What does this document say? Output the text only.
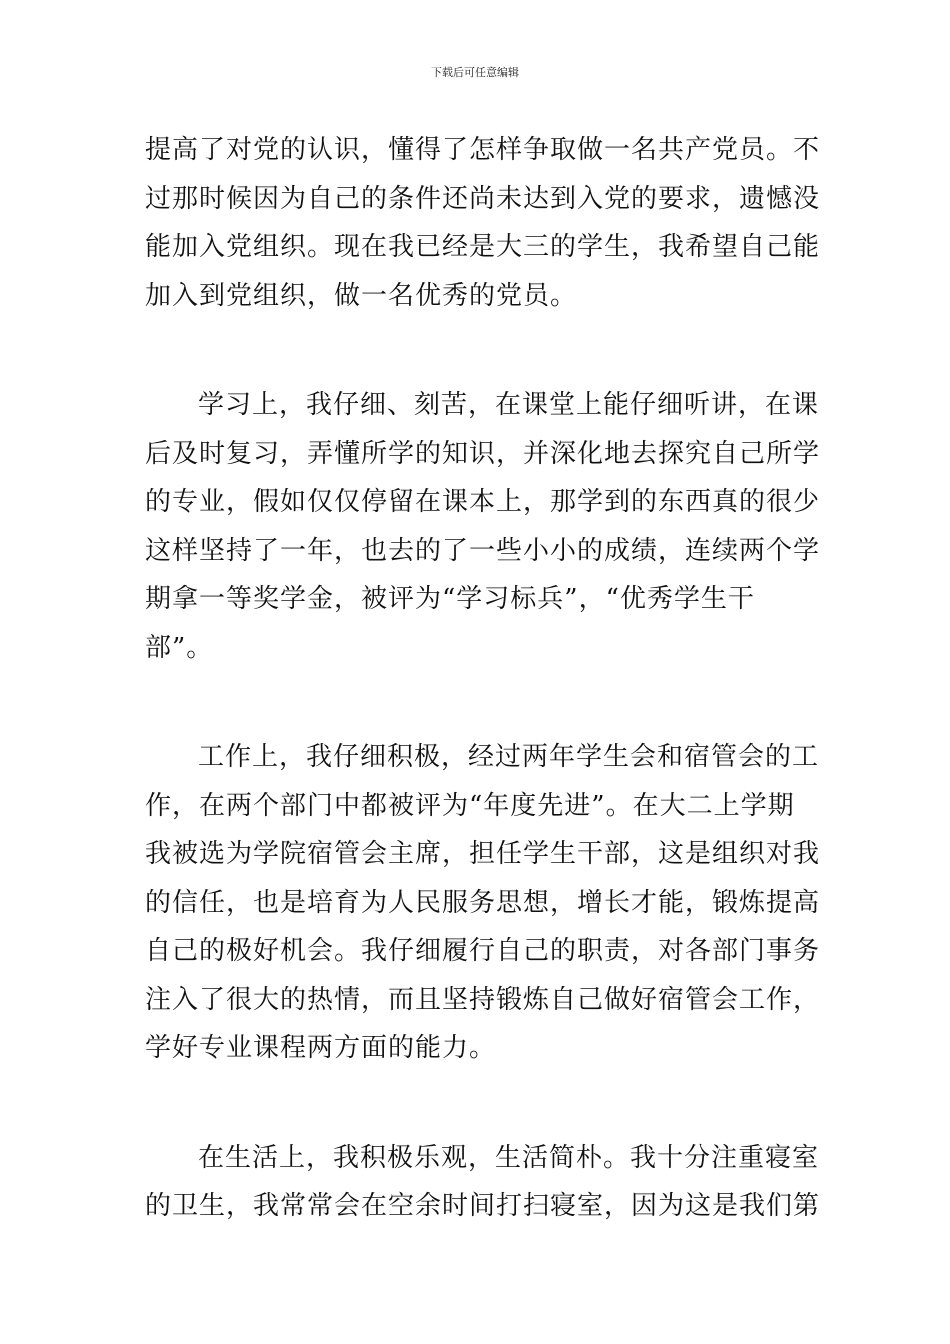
下载后可任意编辑
提高了对党的认识，懂得了怎样争取做一名共产党员。不
过那时候因为自己的条件还尚未达到入党的要求，遗憾没
能加入党组织。现在我已经是大三的学生，我希望自己能
加入到党组织，做一名优秀的党员。
学习上，我仔细、刻苦，在课堂上能仔细听讲，在课
后及时复习，弄懂所学的知识，并深化地去探究自己所学
的专业，假如仅仅停留在课本上，那学到的东西真的很少
这样坚持了一年，也去的了一些小小的成绩，连续两个学
期拿一等奖学金，被评为“学习标兵”，“优秀学生干
部”。
工作上，我仔细积极，经过两年学生会和宿管会的工
作，在两个部门中都被评为“年度先进”。在大二上学期
我被选为学院宿管会主席，担任学生干部，这是组织对我
的信任，也是培育为人民服务思想，增长才能，锻炼提高
自己的极好机会。我仔细履行自己的职责，对各部门事务
注入了很大的热情，而且坚持锻炼自己做好宿管会工作，
学好专业课程两方面的能力。
在生活上，我积极乐观，生活简朴。我十分注重寝室
的卫生，我常常会在空余时间打扫寝室，因为这是我们第
